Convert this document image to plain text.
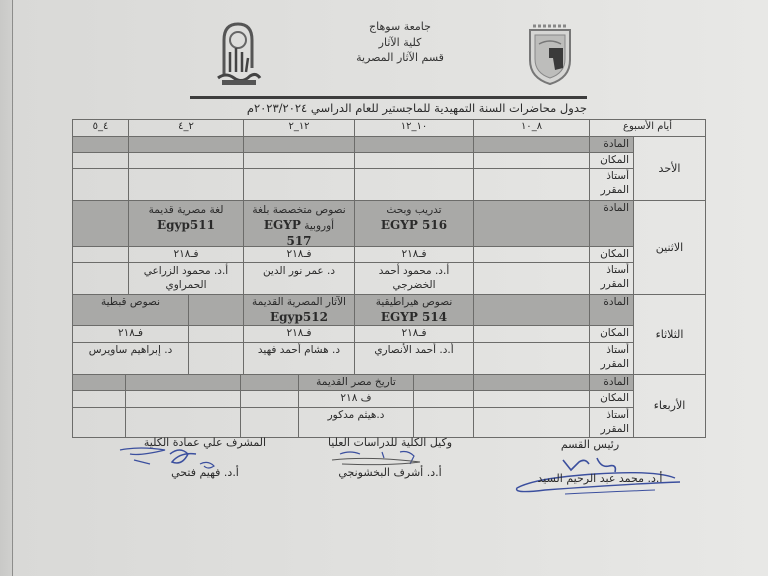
جامعة سوهاج
كلية الآثار
قسم الآثار المصرية
جدول محاضرات السنة التمهيدية للماجستير للعام الدراسي ٢٠٢٣/٢٠٢٤م
أيام الأسبوع
٨_١٠
١٠_١٢
١٢_٢
٢_٤
٤_٥
الأحد
المادة
المكان
أستاذ المقرر
الاثنين
المادة
المكان
أستاذ المقرر
تدريب وبحث
EGYP 516
نصوص متخصصة بلغة أوروبية EGYP 517
لغة مصرية قديمة
Egyp511
فـ٢١٨
فـ٢١٨
فـ٢١٨
أ.د. محمود أحمد الخضرجي
د. عمر نور الدين
أ.د. محمود الزراعي الحمراوي
الثلاثاء
المادة
المكان
أستاذ المقرر
نصوص هيراطيقية
EGYP 514
الآثار المصرية القديمة
Egyp512
نصوص قبطية
فـ٢١٨
فـ٢١٨
فـ٢١٨
أ.د. أحمد الأنصاري
د. هشام أحمد فهيد
د. إبراهيم ساويرس
الأربعاء
المادة
المكان
أستاذ المقرر
تاريخ مصر القديمة
ف ٢١٨
د.هيثم مدكور
رئيس القسم
أ.د. محمد عبد الرحيم السيد
وكيل الكلية للدراسات العليا
أ.د. أشرف البخشونجي
المشرف علي عمادة الكلية
أ.د. فهيم فتحي
